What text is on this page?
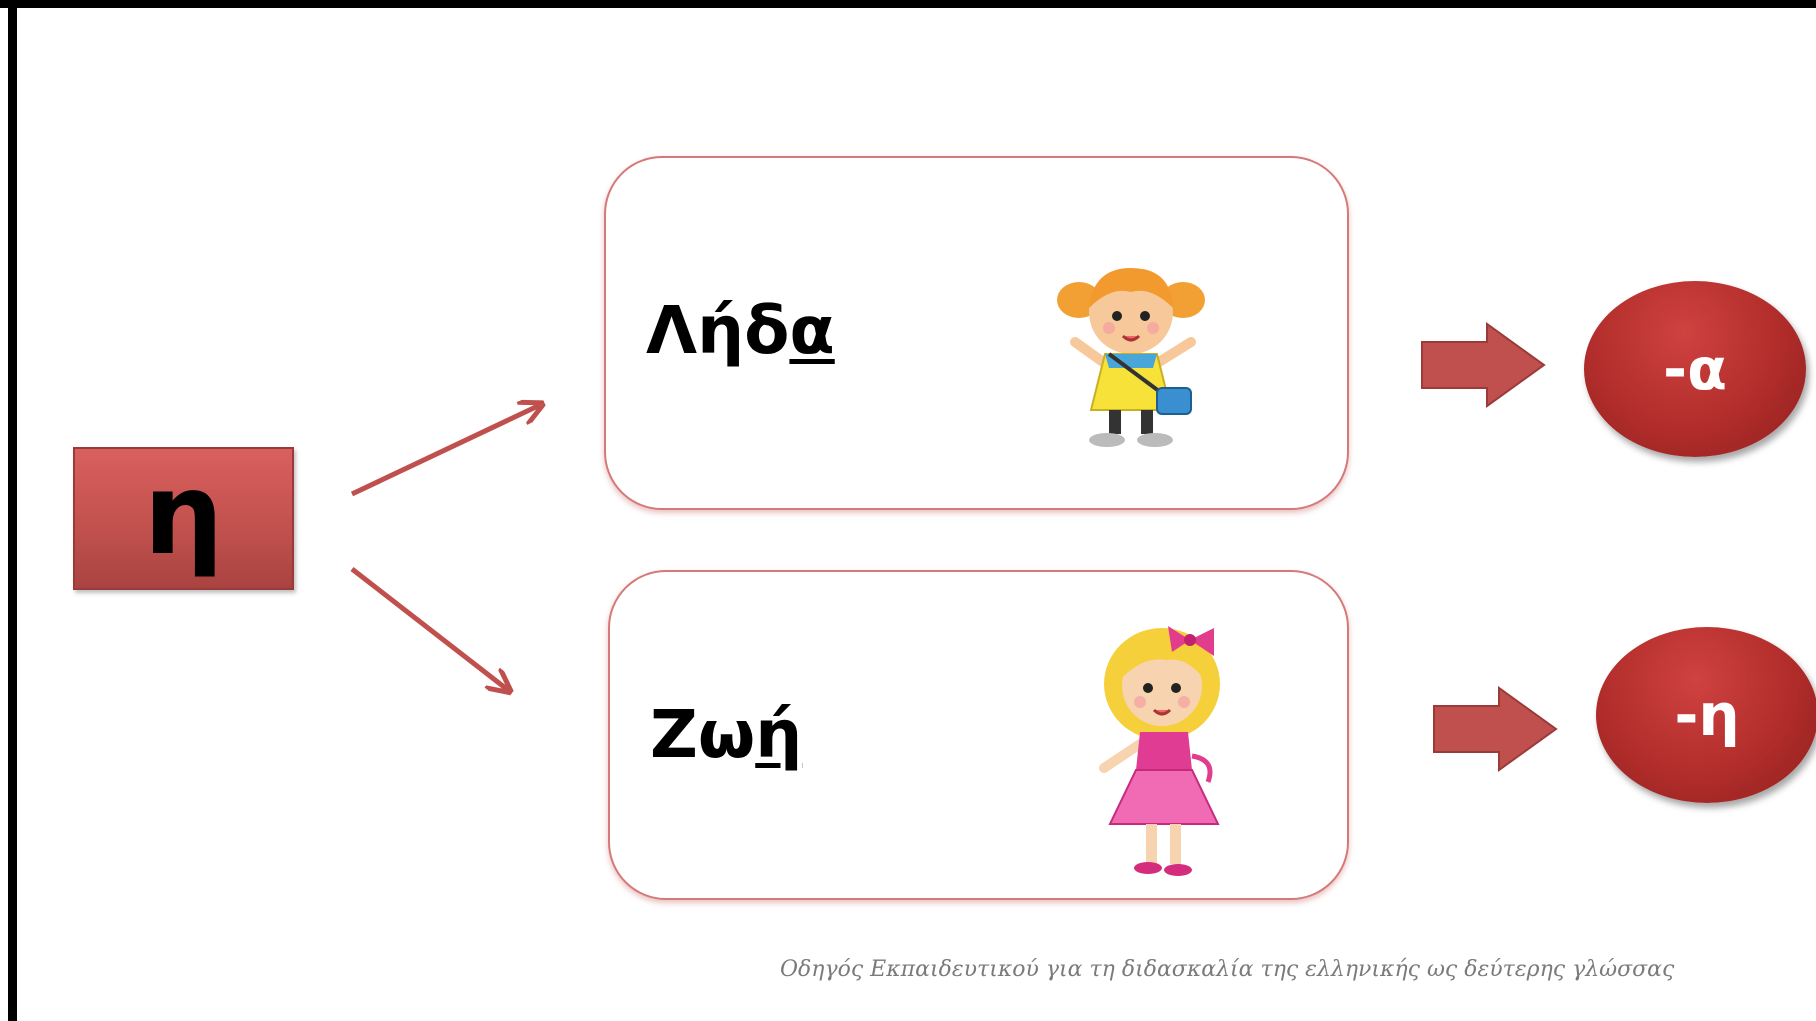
η
Λήδα
Ζωή
-α
-η
Οδηγός Εκπαιδευτικού για τη διδασκαλία της ελληνικής ως δεύτερης γλώσσας
